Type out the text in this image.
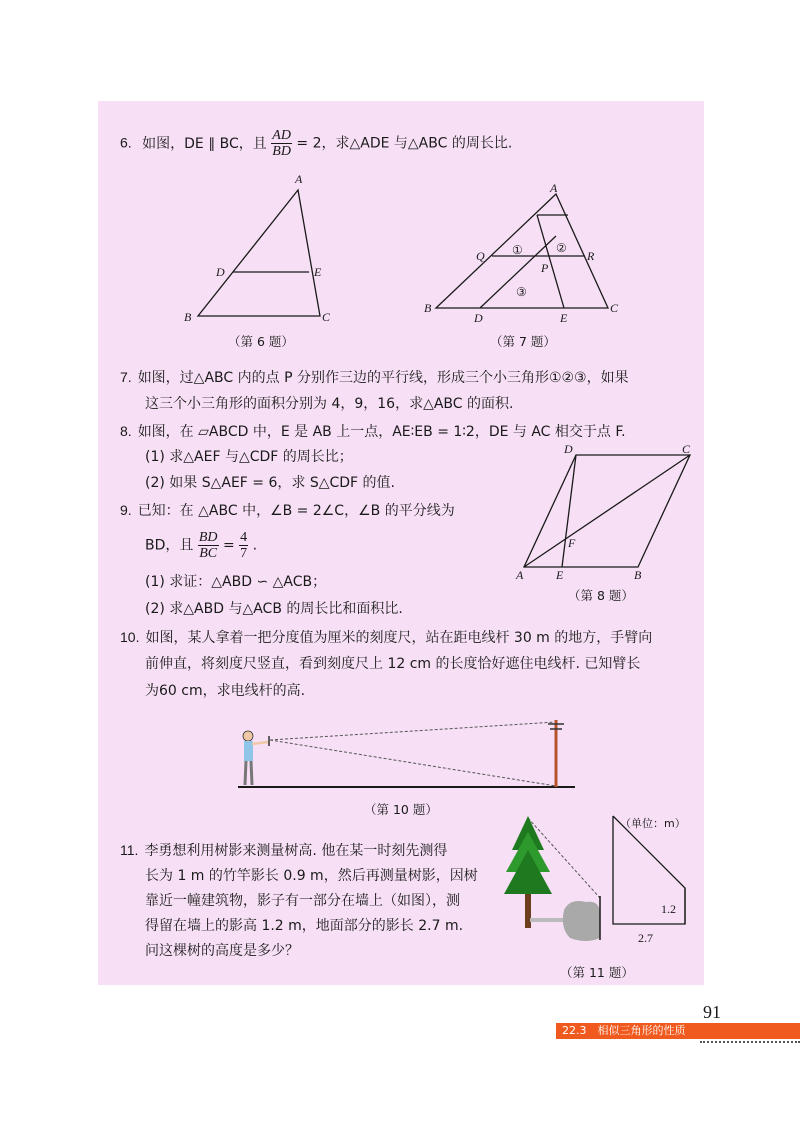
6. 如图，DE ∥ BC，且 $\frac{AD}{BD} = 2$，求△ADE 与△ABC 的周长比.
A
B	C
D	E
（第 6 题）
A
B	C
D	E
P
Q	R
①	②
③
（第 7 题）
7. 如图，过△ABC 内的点 P 分别作三边的平行线，形成三个小三角形①②③，如果
这三个小三角形的面积分别为 4，9，16，求△ABC 的面积.
8. 如图，在 ▱ABCD 中，E 是 AB 上一点，AE∶EB = 1∶2，DE 与 AC 相交于点 F.
(1) 求△AEF 与△CDF 的周长比；
(2) 如果 S△AEF = 6，求 S△CDF 的值.
A	B
C
D
E
F
（第 8 题）
9. 已知：在 △ABC 中，∠B = 2∠C，∠B 的平分线为
BD，且 $\frac{BD}{BC} = \frac{4}{7}$ .
(1) 求证：△ABD ∽ △ACB；
(2) 求△ABD 与△ACB 的周长比和面积比.
10. 如图，某人拿着一把分度值为厘米的刻度尺，站在距电线杆 30 m 的地方，手臂向
前伸直，将刻度尺竖直，看到刻度尺上 12 cm 的长度恰好遮住电线杆. 已知臂长
为60 cm，求电线杆的高.
（第 10 题）
11. 李勇想利用树影来测量树高. 他在某一时刻先测得
长为 1 m 的竹竿影长 0.9 m，然后再测量树影，因树
靠近一幢建筑物，影子有一部分在墙上（如图），测
得留在墙上的影高 1.2 m，地面部分的影长 2.7 m.
问这棵树的高度是多少？
（单位：m）
1.2
2.7
（第 11 题）
91
22.3　相似三角形的性质
